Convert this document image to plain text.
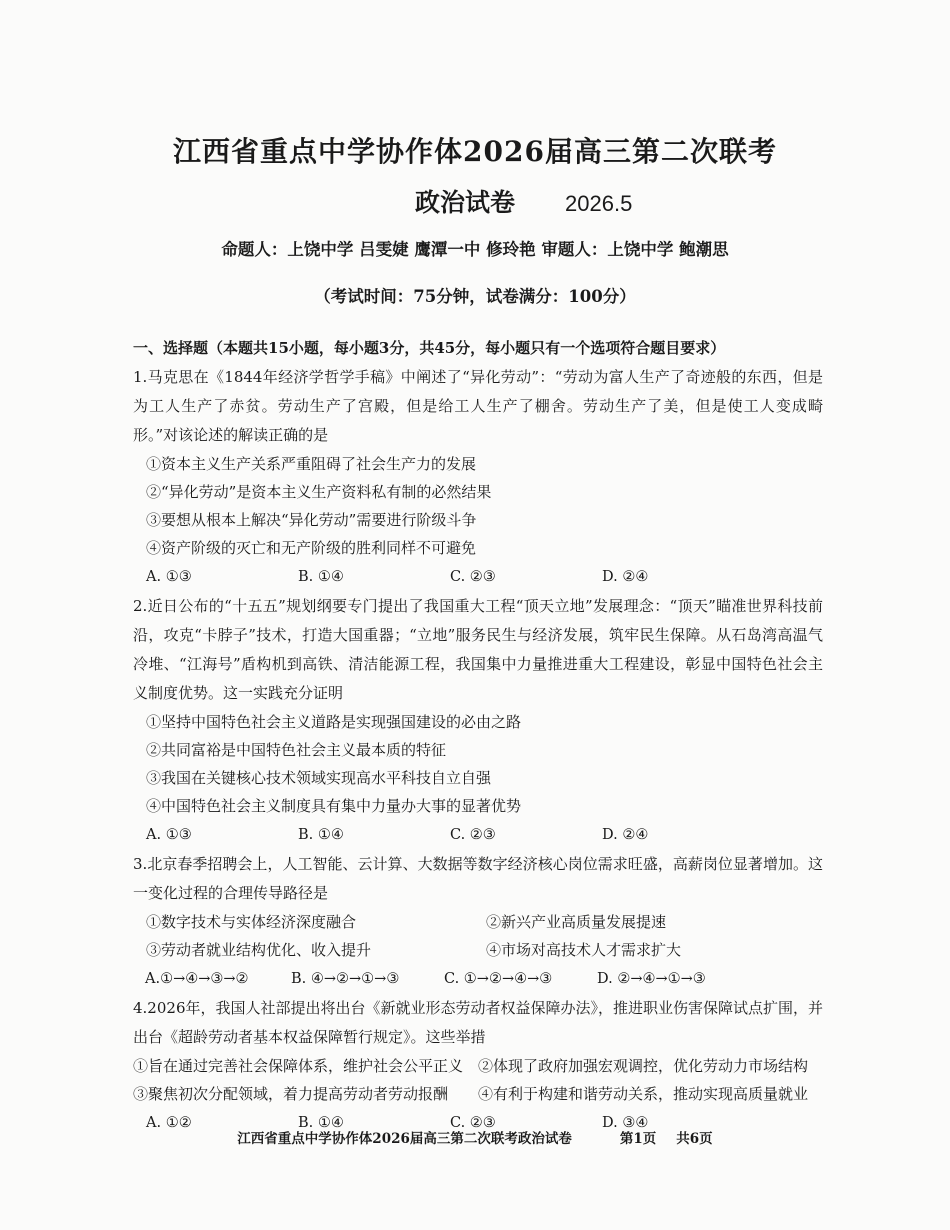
江西省重点中学协作体2026届高三第二次联考
政治试卷 2026.5
命题人：上饶中学 吕雯婕 鹰潭一中 修玲艳 审题人：上饶中学 鲍潮思
（考试时间：75分钟，试卷满分：100分）
一、选择题（本题共15小题，每小题3分，共45分，每小题只有一个选项符合题目要求）
1.马克思在《1844年经济学哲学手稿》中阐述了“异化劳动”：“劳动为富人生产了奇迹般的东西，但是为工人生产了赤贫。劳动生产了宫殿，但是给工人生产了棚舍。劳动生产了美，但是使工人变成畸形。”对该论述的解读正确的是
①资本主义生产关系严重阻碍了社会生产力的发展
②“异化劳动”是资本主义生产资料私有制的必然结果
③要想从根本上解决“异化劳动”需要进行阶级斗争
④资产阶级的灭亡和无产阶级的胜利同样不可避免
A. ①③	B. ①④	C. ②③	D. ②④
2.近日公布的“十五五”规划纲要专门提出了我国重大工程“顶天立地”发展理念：“顶天”瞄准世界科技前沿，攻克“卡脖子”技术，打造大国重器；“立地”服务民生与经济发展，筑牢民生保障。从石岛湾高温气冷堆、“江海号”盾构机到高铁、清洁能源工程，我国集中力量推进重大工程建设，彰显中国特色社会主义制度优势。这一实践充分证明
①坚持中国特色社会主义道路是实现强国建设的必由之路
②共同富裕是中国特色社会主义最本质的特征
③我国在关键核心技术领域实现高水平科技自立自强
④中国特色社会主义制度具有集中力量办大事的显著优势
A. ①③	B. ①④	C. ②③	D. ②④
3.北京春季招聘会上，人工智能、云计算、大数据等数字经济核心岗位需求旺盛，高薪岗位显著增加。这一变化过程的合理传导路径是
①数字技术与实体经济深度融合	②新兴产业高质量发展提速
③劳动者就业结构优化、收入提升	④市场对高技术人才需求扩大
A.①→④→③→②	B. ④→②→①→③	C. ①→②→④→③	D. ②→④→①→③
4.2026年，我国人社部提出将出台《新就业形态劳动者权益保障办法》，推进职业伤害保障试点扩围，并出台《超龄劳动者基本权益保障暂行规定》。这些举措
①旨在通过完善社会保障体系，维护社会公平正义 ②体现了政府加强宏观调控，优化劳动力市场结构
③聚焦初次分配领域，着力提高劳动者劳动报酬	④有利于构建和谐劳动关系，推动实现高质量就业
A. ①②	B. ①④	C. ②③	D. ③④
江西省重点中学协作体2026届高三第二次联考政治试卷	第1页 共6页
